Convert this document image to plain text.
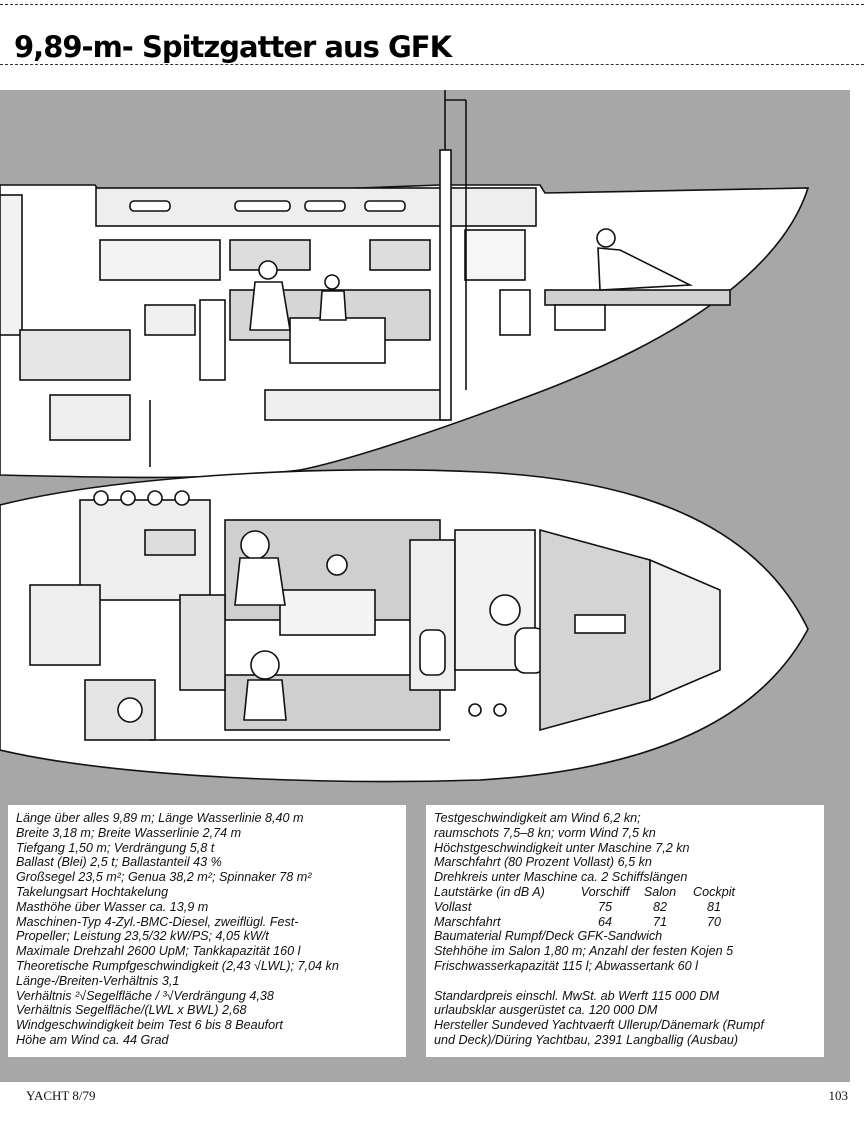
9,89-m- Spitzgatter aus GFK
Länge über alles 9,89 m; Länge Wasserlinie 8,40 m
Breite 3,18 m; Breite Wasserlinie 2,74 m
Tiefgang 1,50 m; Verdrängung 5,8 t
Ballast (Blei) 2,5 t; Ballastanteil 43 %
Großsegel 23,5 m²; Genua 38,2 m²; Spinnaker 78 m²
Takelungsart Hochtakelung
Masthöhe über Wasser ca. 13,9 m
Maschinen-Typ 4-Zyl.-BMC-Diesel, zweiflügl. Fest-
Propeller; Leistung 23,5/32 kW/PS; 4,05 kW/t
Maximale Drehzahl 2600 UpM; Tankkapazität 160 l
Theoretische Rumpfgeschwindigkeit (2,43 √LWL); 7,04 kn
Länge-/Breiten-Verhältnis 3,1
Verhältnis ²√Segelfläche / ³√Verdrängung 4,38
Verhältnis Segelfläche/(LWL x BWL) 2,68
Windgeschwindigkeit beim Test 6 bis 8 Beaufort
Höhe am Wind ca. 44 Grad
Testgeschwindigkeit am Wind 6,2 kn;
raumschots 7,5–8 kn; vorm Wind 7,5 kn
Höchstgeschwindigkeit unter Maschine 7,2 kn
Marschfahrt (80 Prozent Vollast) 6,5 kn
Drehkreis unter Maschine ca. 2 Schiffslängen
Lautstärke (in dB A)	Vorschiff	Salon	Cockpit
Vollast	75	82	81
Marschfahrt	64	71	70
Baumaterial Rumpf/Deck GFK-Sandwich
Stehhöhe im Salon 1,80 m; Anzahl der festen Kojen 5
Frischwasserkapazität 115 l; Abwassertank 60 l
Standardpreis einschl. MwSt. ab Werft 115 000 DM
urlaubsklar ausgerüstet ca. 120 000 DM
Hersteller Sundeved Yachtvaerft Ullerup/Dänemark (Rumpf
und Deck)/Düring Yachtbau, 2391 Langballig (Ausbau)
YACHT 8/79	103
